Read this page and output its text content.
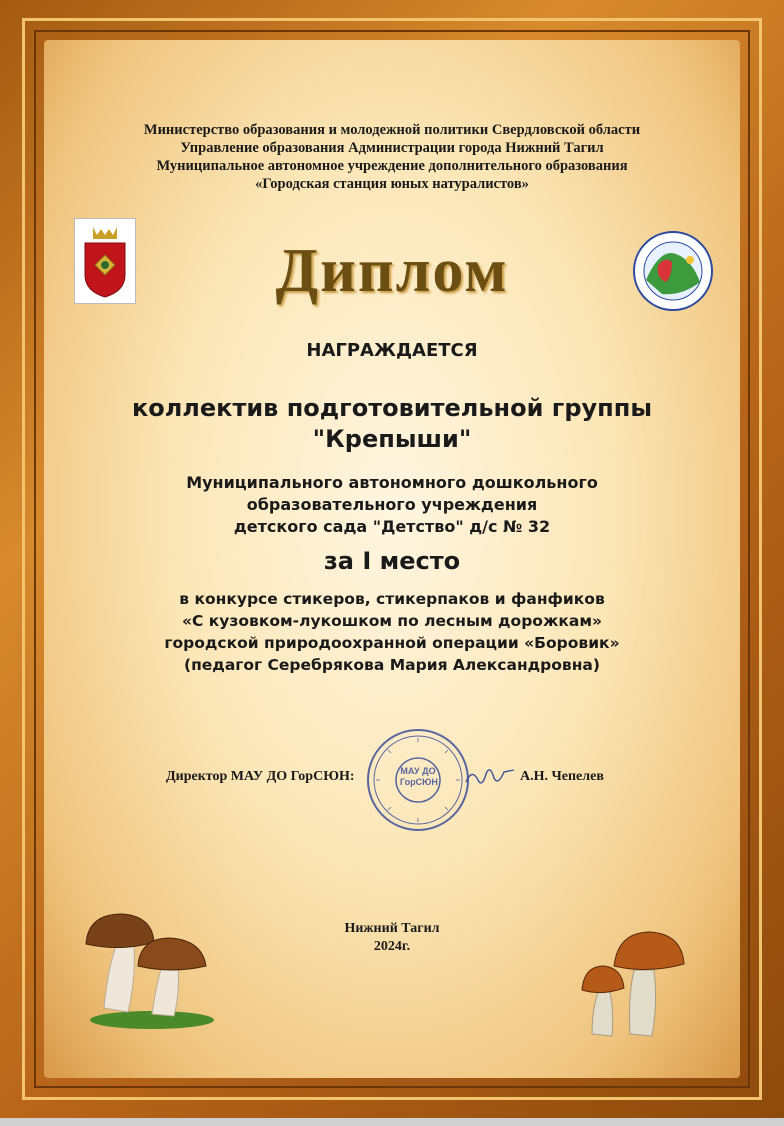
Министерство образования и молодежной политики Свердловской области
Управление образования Администрации города Нижний Тагил
Муниципальное автономное учреждение дополнительного образования
«Городская станция юных натуралистов»
Диплом
НАГРАЖДАЕТСЯ
коллектив подготовительной группы
"Крепыши"
Муниципального автономного дошкольного
образовательного учреждения
детского сада "Детство" д/с № 32
за I место
в конкурсе стикеров, стикерпаков и фанфиков
«С кузовком-лукошком по лесным дорожкам»
городской природоохранной операции «Боровик»
(педагог Серебрякова Мария Александровна)
МАУ ДО ГорСЮН
Директор МАУ ДО ГорСЮН:	А.Н. Чепелев
Нижний Тагил
2024г.
